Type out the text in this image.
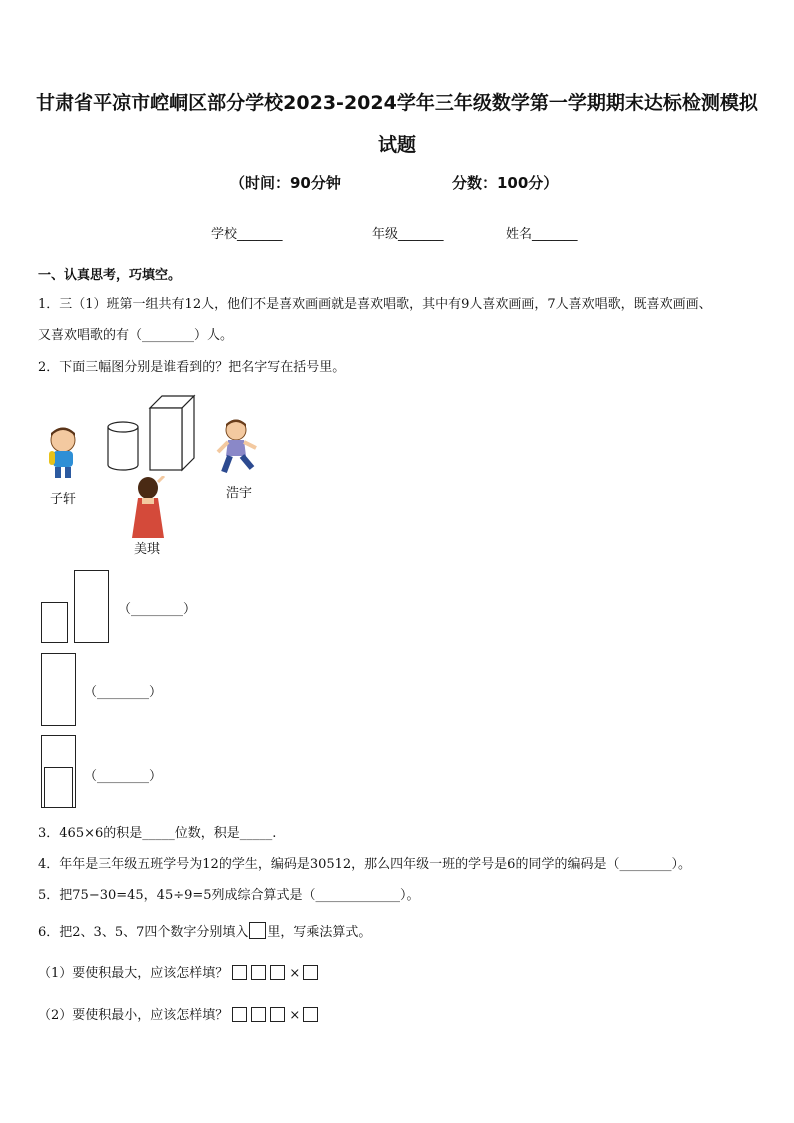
甘肃省平凉市崆峒区部分学校2023-2024学年三年级数学第一学期期末达标检测模拟
试题
（时间：90分钟	分数：100分）
学校_______	年级_______	姓名_______
一、认真思考，巧填空。
1．三（1）班第一组共有12人，他们不是喜欢画画就是喜欢唱歌，其中有9人喜欢画画，7人喜欢唱歌，既喜欢画画、
又喜欢唱歌的有（________）人。
2．下面三幅图分别是谁看到的？把名字写在括号里。
子轩
美琪
浩宇
（________）
（________）
（________）
3．465×6的积是_____位数，积是_____.
4．年年是三年级五班学号为12的学生，编码是30512，那么四年级一班的学号是6的同学的编码是（________）。
5．把75−30=45，45÷9=5列成综合算式是（_____________）。
6．把2、3、5、7四个数字分别填入 里，写乘法算式。
（1）要使积最大，应该怎样填？	×
（2）要使积最小，应该怎样填？	×
